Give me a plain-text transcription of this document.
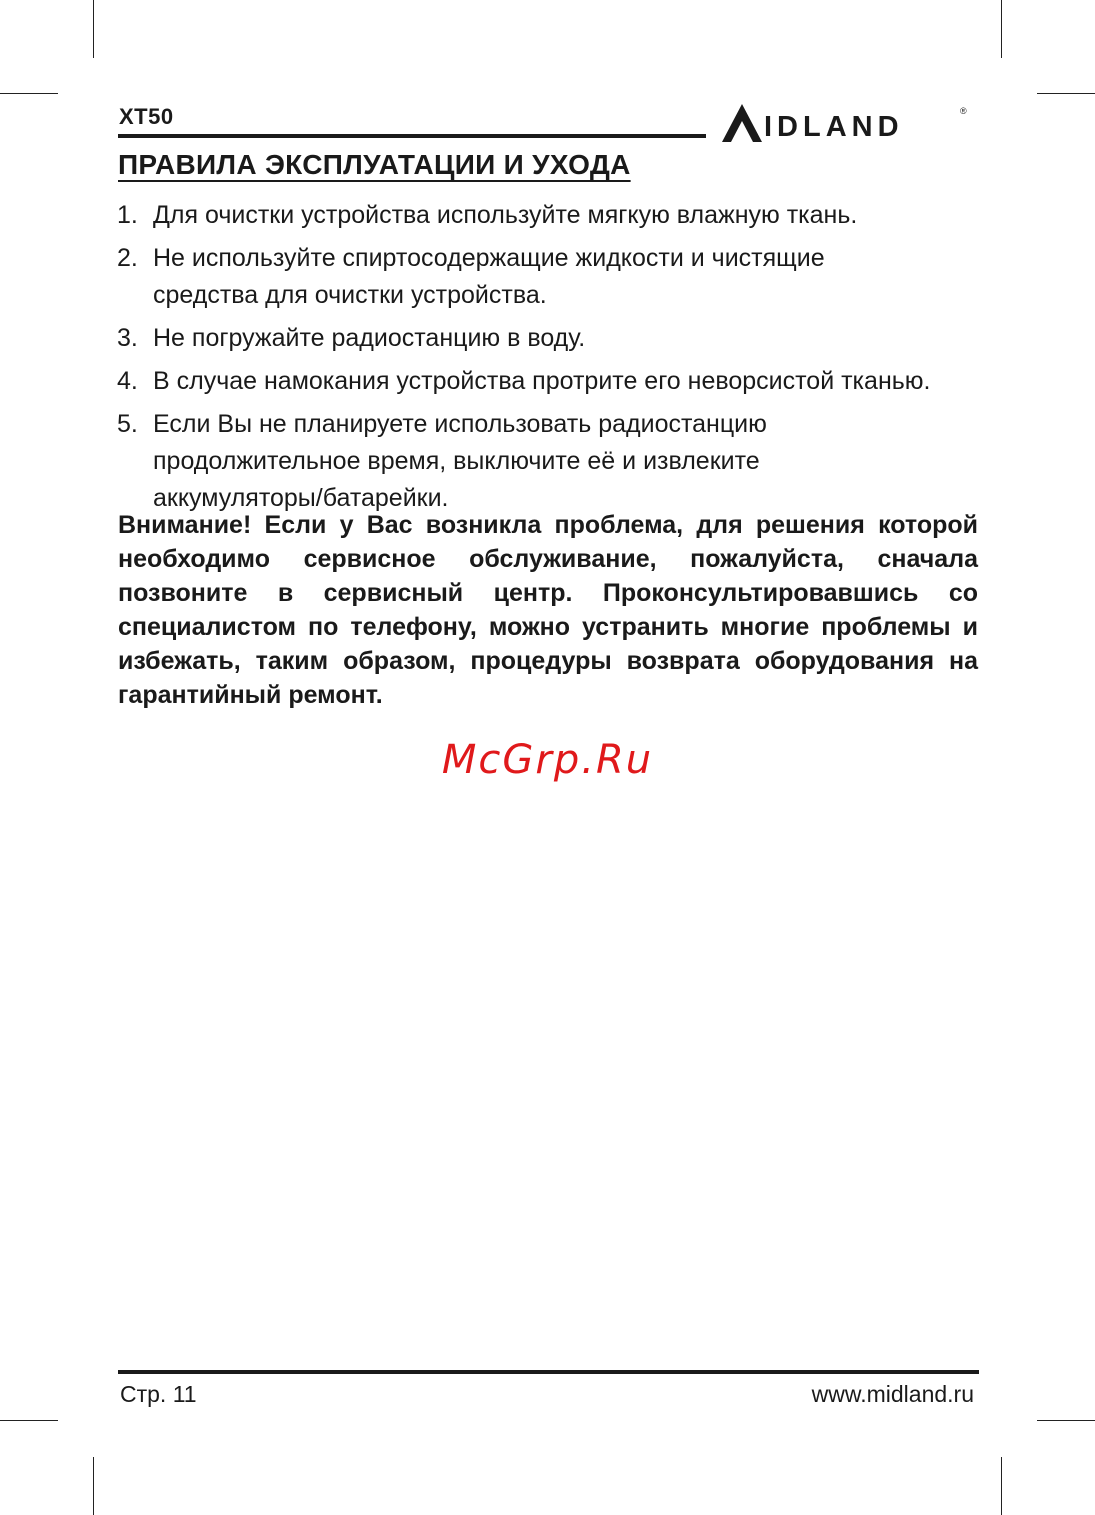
XT50	IDLAND	®
ПРАВИЛА ЭКСПЛУАТАЦИИ И УХОДА
1. Для очистки устройства используйте мягкую влажную ткань.
2. Не используйте спиртосодержащие жидкости и чистящие средства для очистки устройства.
3. Не погружайте радиостанцию в воду.
4. В случае намокания устройства протрите его неворсистой тканью.
5. Если Вы не планируете использовать радиостанцию продолжительное время, выключите её и извлеките аккумуляторы/батарейки.
Внимание! Если у Вас возникла проблема, для решения которой необходимо сервисное обслуживание, пожалуйста, сначала позвоните в сервисный центр. Проконсультировавшись со специалистом по телефону, можно устранить многие проблемы и избежать, таким образом, процедуры возврата оборудования на гарантийный ремонт.
McGrp.Ru
Стр. 11	www.midland.ru
